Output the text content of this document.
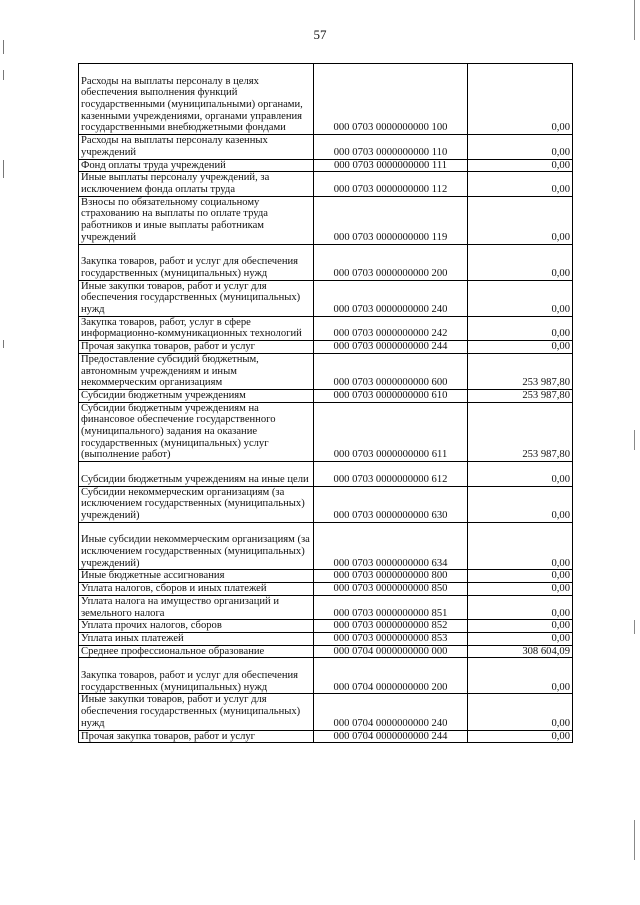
57
Расходы на выплаты персоналу в целях обеспечения выполнения функций государственными (муниципальными) органами, казенными учреждениями, органами управления государственными внебюджетными фондами	000 0703 0000000000 100	0,00
Расходы на выплаты персоналу казенных учреждений	000 0703 0000000000 110	0,00
Фонд оплаты труда учреждений	000 0703 0000000000 111	0,00
Иные выплаты персоналу учреждений, за исключением фонда оплаты труда	000 0703 0000000000 112	0,00
Взносы по обязательному социальному страхованию на выплаты по оплате труда работников и иные выплаты работникам учреждений	000 0703 0000000000 119	0,00
Закупка товаров, работ и услуг для обеспечения государственных (муниципальных) нужд	000 0703 0000000000 200	0,00
Иные закупки товаров, работ и услуг для обеспечения государственных (муниципальных) нужд	000 0703 0000000000 240	0,00
Закупка товаров, работ, услуг в сфере информационно-коммуникационных технологий	000 0703 0000000000 242	0,00
Прочая закупка товаров, работ и услуг	000 0703 0000000000 244	0,00
Предоставление субсидий бюджетным, автономным учреждениям и иным некоммерческим организациям	000 0703 0000000000 600	253 987,80
Субсидии бюджетным учреждениям	000 0703 0000000000 610	253 987,80
Субсидии бюджетным учреждениям на финансовое обеспечение государственного (муниципального) задания на оказание государственных (муниципальных) услуг (выполнение работ)	000 0703 0000000000 611	253 987,80
Субсидии бюджетным учреждениям на иные цели	000 0703 0000000000 612	0,00
Субсидии некоммерческим организациям (за исключением государственных (муниципальных) учреждений)	000 0703 0000000000 630	0,00
Иные субсидии некоммерческим организациям (за исключением государственных (муниципальных) учреждений)	000 0703 0000000000 634	0,00
Иные бюджетные ассигнования	000 0703 0000000000 800	0,00
Уплата налогов, сборов и иных платежей	000 0703 0000000000 850	0,00
Уплата налога на имущество организаций и земельного налога	000 0703 0000000000 851	0,00
Уплата прочих налогов, сборов	000 0703 0000000000 852	0,00
Уплата иных платежей	000 0703 0000000000 853	0,00
Среднее профессиональное образование	000 0704 0000000000 000	308 604,09
Закупка товаров, работ и услуг для обеспечения государственных (муниципальных) нужд	000 0704 0000000000 200	0,00
Иные закупки товаров, работ и услуг для обеспечения государственных (муниципальных) нужд	000 0704 0000000000 240	0,00
Прочая закупка товаров, работ и услуг	000 0704 0000000000 244	0,00
